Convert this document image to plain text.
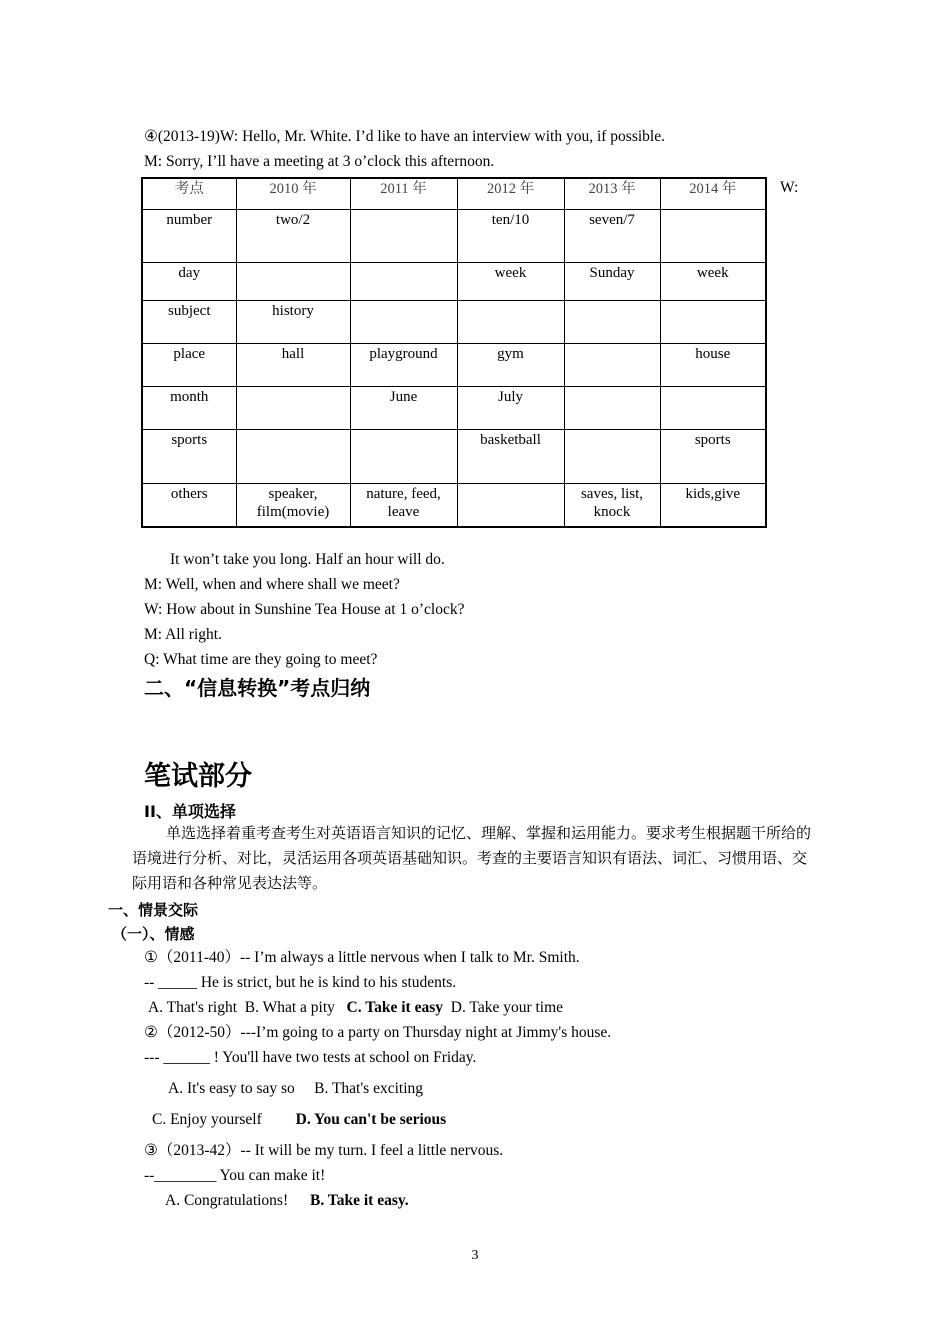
④(2013-19)W: Hello, Mr. White. I’d like to have an interview with you, if possible.
M: Sorry, I’ll have a meeting at 3 o’clock this afternoon.
W:
考点	2010 年	2011 年	2012 年	2013 年	2014 年
number	two/2		ten/10	seven/7	
day			week	Sunday	week
subject	history				
place	hall	playground	gym		house
month		June	July		
sports			basketball		sports
others	speaker, film(movie)	nature, feed, leave		saves, list, knock	kids,give
It won’t take you long. Half an hour will do.
M: Well, when and where shall we meet?
W: How about in Sunshine Tea House at 1 o’clock?
M: All right.
Q: What time are they going to meet?
二、“信息转换”考点归纳
笔试部分
II、单项选择
单选选择着重考查考生对英语语言知识的记忆、理解、掌握和运用能力。要求考生根据题干所给的语境进行分析、对比，灵活运用各项英语基础知识。考查的主要语言知识有语法、词汇、习惯用语、交际用语和各种常见表达法等。
一、情景交际
（一）、情感
①（2011-40）-- I’m always a little nervous when I talk to Mr. Smith.
-- _____ He is strict, but he is kind to his students.
A. That's right B. What a pity C. Take it easy D. Take your time
②（2012-50）---I’m going to a party on Thursday night at Jimmy's house.
--- ______ ! You'll have two tests at school on Friday.
A. It's easy to say so B. That's exciting
C. Enjoy yourself D. You can't be serious
③（2013-42）-- It will be my turn. I feel a little nervous.
--________ You can make it!
A. Congratulations! B. Take it easy.
3
